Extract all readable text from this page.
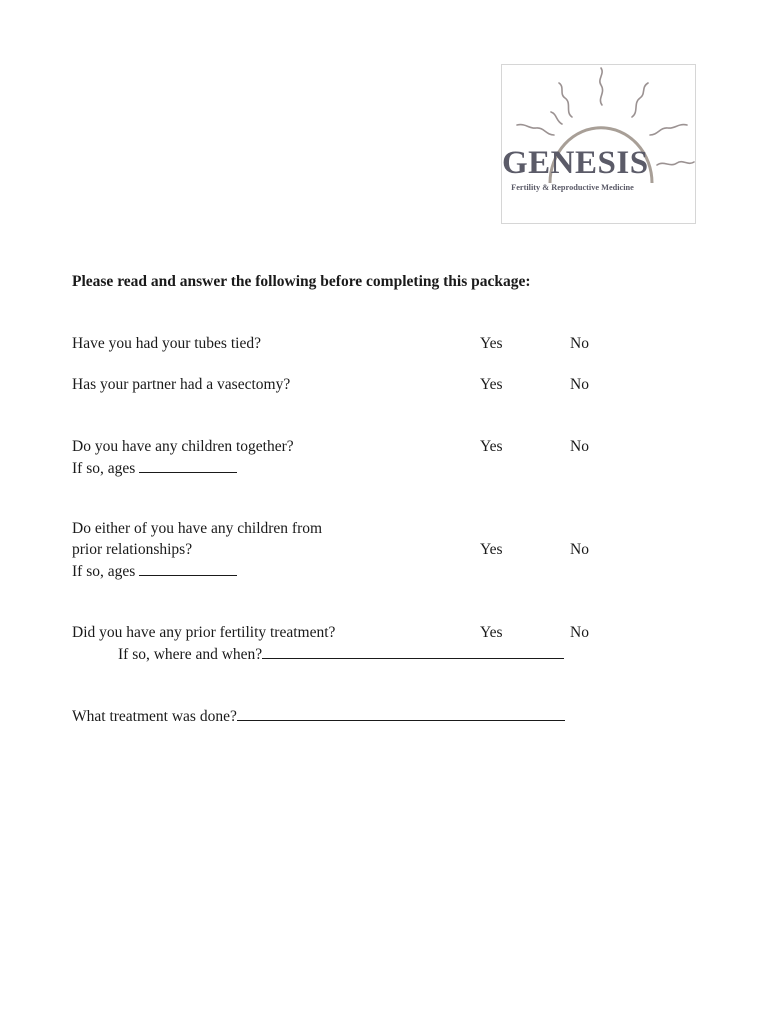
GENESIS
Fertility & Reproductive Medicine
Please read and answer the following before completing this package:
Have you had your tubes tied?	Yes	No
Has your partner had a vasectomy?	Yes	No
Do you have any children together?	Yes	No
If so, ages
Do either of you have any children from
prior relationships?	Yes	No
If so, ages
Did you have any prior fertility treatment?	Yes	No
If so, where and when?
What treatment was done?
